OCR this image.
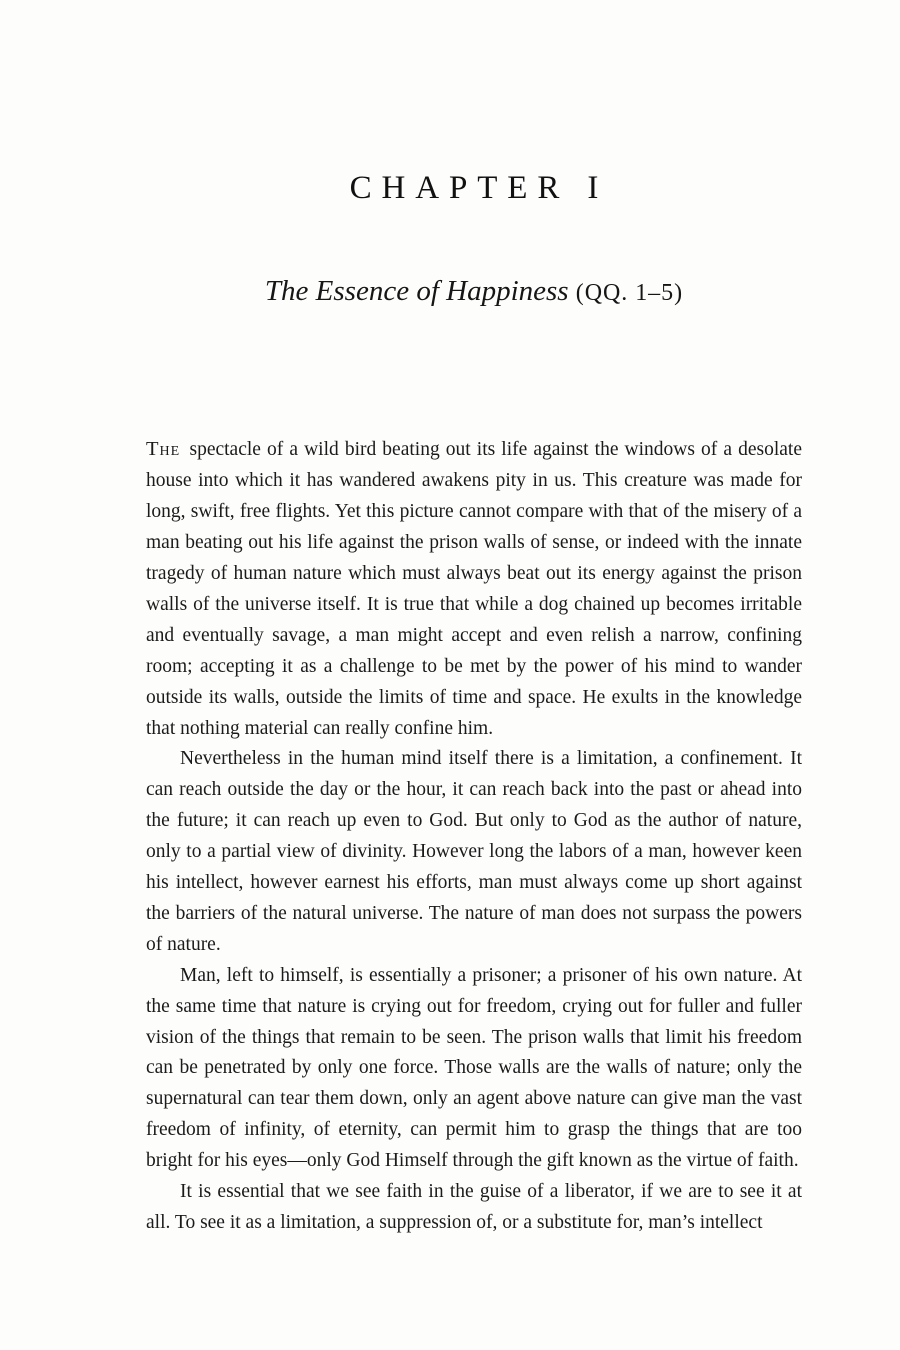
CHAPTER I
The Essence of Happiness (QQ. 1–5)

The spectacle of a wild bird beating out its life against the windows of a desolate house into which it has wandered awakens pity in us. This creature was made for long, swift, free flights. Yet this picture cannot compare with that of the misery of a man beating out his life against the prison walls of sense, or indeed with the innate tragedy of human nature which must always beat out its energy against the prison walls of the universe itself. It is true that while a dog chained up becomes irritable and eventually savage, a man might accept and even relish a narrow, confining room; accepting it as a challenge to be met by the power of his mind to wander outside its walls, outside the limits of time and space. He exults in the knowledge that nothing material can really confine him.

Nevertheless in the human mind itself there is a limitation, a confinement. It can reach outside the day or the hour, it can reach back into the past or ahead into the future; it can reach up even to God. But only to God as the author of nature, only to a partial view of divinity. However long the labors of a man, however keen his intellect, however earnest his efforts, man must always come up short against the barriers of the natural universe. The nature of man does not surpass the powers of nature.

Man, left to himself, is essentially a prisoner; a prisoner of his own nature. At the same time that nature is crying out for freedom, crying out for fuller and fuller vision of the things that remain to be seen. The prison walls that limit his freedom can be penetrated by only one force. Those walls are the walls of nature; only the supernatural can tear them down, only an agent above nature can give man the vast freedom of infinity, of eternity, can permit him to grasp the things that are too bright for his eyes—only God Himself through the gift known as the virtue of faith.

It is essential that we see faith in the guise of a liberator, if we are to see it at all. To see it as a limitation, a suppression of, or a substitute for, man’s intellect
